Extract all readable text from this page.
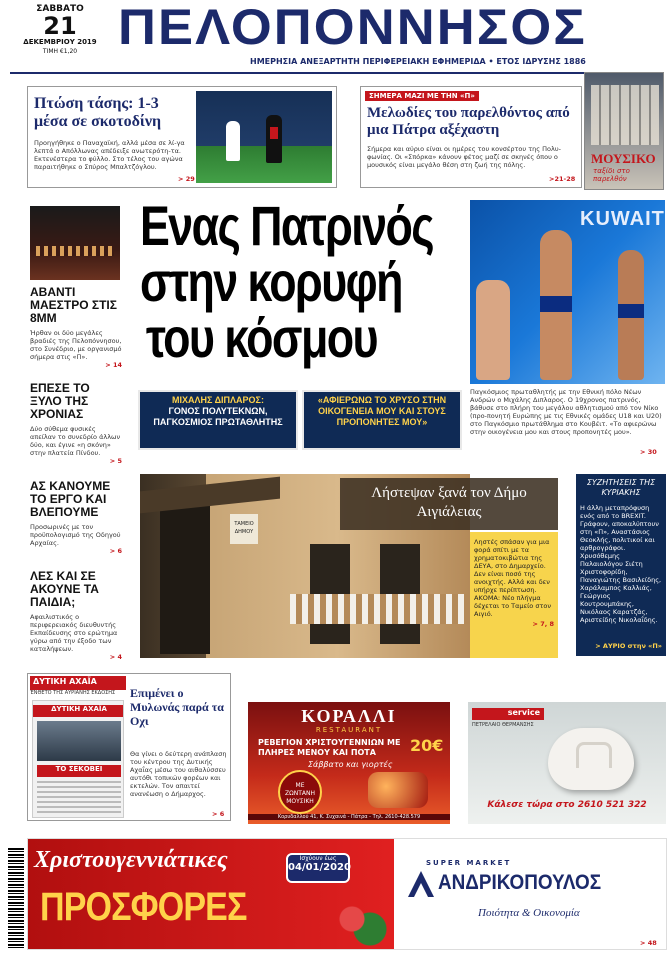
ΣΑΒΒΑΤΟ
21
ΔΕΚΕΜΒΡΙΟΥ 2019
ΤΙΜΗ €1,20 ΠΕΛΟΠΟΝΝΗΣΟΣ
ΗΜΕΡΗΣΙΑ ΑΝΕΞΑΡΤΗΤΗ ΠΕΡΙΦΕΡΕΙΑΚΗ ΕΦΗΜΕΡΙΔΑ • ΕΤΟΣ ΙΔΡΥΣΗΣ 1886
Πτώση τάσης: 1-3 μέσα σε σκοτοδίνη
Προηγήθηκε ο Παναχαϊκή, αλλά μέσα σε λί-γα λεπτά ο Απόλλωνας απέδειξε ανωτερότη-τα. Εκτενέστερα το φύλλο. Στο τέλος του αγώνα παραιτήθηκε ο Σπύρος Μπαλτζόγλου.
> 29
ΣΗΜΕΡΑ ΜΑΖΙ ΜΕ ΤΗΝ «Π»
Μελωδίες του παρελθόντος από μια Πάτρα αξέχαστη
Σήμερα και αύριο είναι οι ημέρες του κονσέρτου της Πολυ-φωνίας. Οι «Σπόρκα» κάνουν φέτος μαζί σε σκηνές όπου ο μουσικός είναι μεγάλο θέση στη ζωή της πόλης.
>21-28
ΜΟΥΣΙΚΟ
ταξίδι στο παρελθόν
ΑΒΑΝΤΙ ΜΑΕΣΤΡΟ ΣΤΙΣ 8ΜΜ
Ήρθαν οι δύο μεγάλες βραδιές της Πελοπόννησου, στο Συνέδριο, με οργανισμό σήμερα στις «Π».
> 14
ΕΠΕΣΕ ΤΟ ΞΥΛΟ ΤΗΣ ΧΡΟΝΙΑΣ
Δύο σύθεμα φυσικές απείλαν το συνεδρίο άλλων δύο, και έγινε «η σκόνη» στην πλατεία Πίνδου.
> 5
ΑΣ ΚΑΝΟΥΜΕ ΤΟ ΕΡΓΟ ΚΑΙ ΒΛΕΠΟΥΜΕ
Προσωρινές με τον προϋπολογισμό της Οδηγού Αρχαίας.
> 6
ΛΕΣ ΚΑΙ ΣΕ ΑΚΟΥΝΕ ΤΑ ΠΑΙΔΙΑ;
Αφαιλιστικός ο περιφερειακός διευθυντής Εκπαίδευσης στο ερώτημα γύρω από την έξοδο των καταλήψεων.
> 4
Ενας Πατρινός
στην κορυφή
του κόσμου
KUWAIT
ΜΙΧΑΛΗΣ ΔΙΠΛΑΡΟΣ:
ΓΟΝΟΣ ΠΟΛΥΤΕΚΝΩΝ, ΠΑΓΚΟΣΜΙΟΣ ΠΡΩΤΑΘΛΗΤΗΣ
«ΑΦΙΕΡΩΝΩ ΤΟ ΧΡΥΣΟ ΣΤΗΝ ΟΙΚΟΓΕΝΕΙΑ ΜΟΥ ΚΑΙ ΣΤΟΥΣ ΠΡΟΠΟΝΗΤΕΣ ΜΟΥ»
Παγκόσμιος πρωταθλητής με την Εθνική πόλο Νέων Ανδρών ο Μιχάλης Διπλαρος. Ο 19χρονος πατρινός, βάθυσε στο πλήρη του μεγάλου αθλητισμού από τον Νίκο (προ-πονητή Ευρώπης με τις Εθνικές ομάδες U18 και U20) στο Παγκόσμιο πρωτάθλημα στο Κουβέιτ. «Το αφιερώνω στην οικογένεια μου και στους προπονητές μου».
> 30
ΤΑΜΕΙΟ ΔΗΜΟΥ
Λήστεψαν ξανά τον Δήμο Αιγιάλειας
Ληστές σπάσαν για μια φορά σπίτι με τα χρηματοκιβώτια της ΔΕΥΑ, στο Δημαρχείο. Δεν είναι ποσό της ανοιχτής. Αλλά και δεν υπήρχε περίπτωση. ΑΚΟΜΑ: Νέο πλήγμα δέχεται το Ταμείο στον Αιγιό.
> 7, 8
ΣΥΖΗΤΗΣΕΙΣ ΤΗΣ ΚΥΡΙΑΚΗΣ
Η άλλη μεταπρόφυση ενός από το BREXIT. Γράφουν, αποκαλύπτουν στη «Π», Αναστάσιος Θεοκλής, πολιτικοί και αρθρογράφοι. Χρυσόθεμης Παλαιολόγου Σιέτη Χριστοφορίδη, Παναγιώτης Βασιλείδης, Χαράλαμπος Καλλιάς, Γεώργιος Κουτρουμπάκης, Νικόλαος Καρατζάς, Αριστείδης Νικολαΐδης.
> ΑΥΡΙΟ στην «Π»
ΔΥΤΙΚΗ ΑΧΑΪΑ
ΈΝΘΕΤΟ ΤΗΣ ΑΥΡΙΑΝΗΣ ΕΚΔΟΣΗΣ
ΔΥΤΙΚΗ ΑΧΑΪΑ
ΤΟ ΣΕΚΟΒΕΙ
Επιμένει ο Μυλωνάς παρά τα Οχι
Θα γίνει ο δεύτερη ανάπλαση του κέντρου της Δυτικής Αχαΐας μέσω του αιθαλύσσευ αυτόθι τοπικών φορέων και εκτελών. Τον απαιτεί ανανέωση ο Δήμαρχος.
> 6
ΚΟΡΑΛΛΙ
RESTAURANT
ΡΕΒΕΓΙΟΝ ΧΡΙΣΤΟΥΓΕΝΝΙΩΝ ΜΕ ΠΛΗΡΕΣ ΜΕΝΟΥ ΚΑΙ ΠΟΤΑ	20€
Σάββατο και γιορτές
ΜΕ ΖΩΝΤΑΝΗ ΜΟΥΣΙΚΗ
Κορυδαλλού 41, Κ. Συχαινά - Πάτρα - Τηλ. 2610-428.579
service
ΠΕΤΡΕΛΑΙΟ ΘΕΡΜΑΝΣΗΣ
Κάλεσε τώρα στο 2610 521 322
Χριστουγεννιάτικες
ΠΡΟΣΦΟΡΕΣ
Ισχύουν έως
04/01/2020	SUPER MARKET
ΑΝΔΡΙΚΟΠΟΥΛΟΣ
Ποιότητα & Οικονομία
> 48
